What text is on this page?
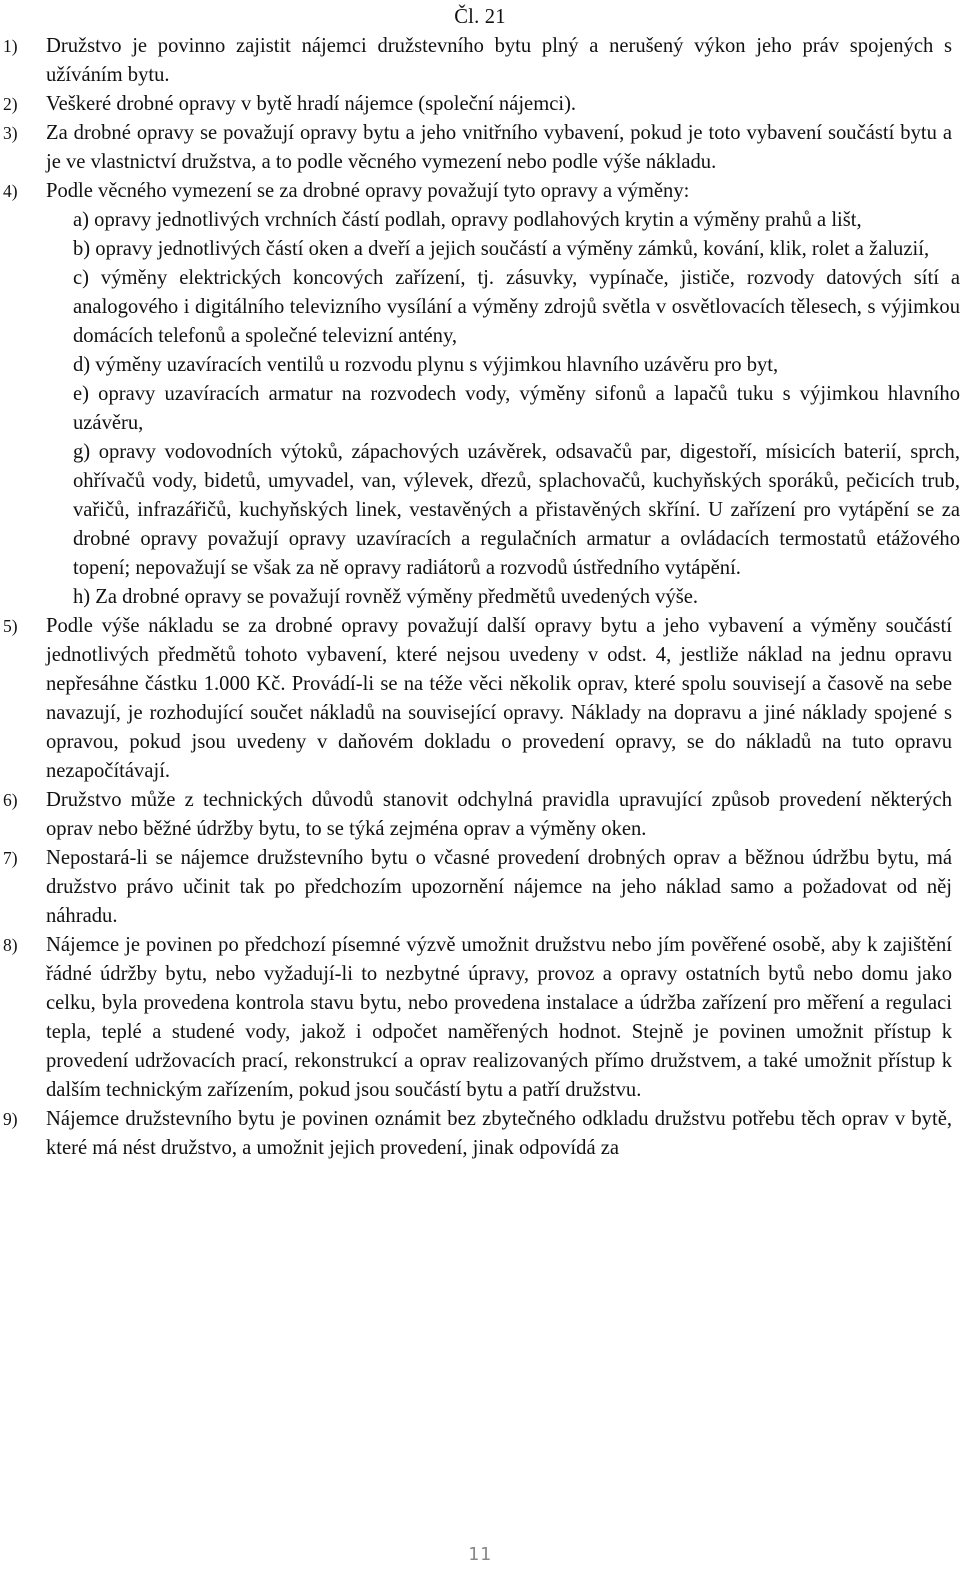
Čl. 21
1) Družstvo je povinno zajistit nájemci družstevního bytu plný a nerušený výkon jeho práv spojených s užíváním bytu.
2) Veškeré drobné opravy v bytě hradí nájemce (společní nájemci).
3) Za drobné opravy se považují opravy bytu a jeho vnitřního vybavení, pokud je toto vybavení součástí bytu a je ve vlastnictví družstva, a to podle věcného vymezení nebo podle výše nákladu.
4) Podle věcného vymezení se za drobné opravy považují tyto opravy a výměny:
a) opravy jednotlivých vrchních částí podlah, opravy podlahových krytin a výměny prahů a lišt,
b) opravy jednotlivých částí oken a dveří a jejich součástí a výměny zámků, kování, klik, rolet a žaluzií,
c) výměny elektrických koncových zařízení, tj. zásuvky, vypínače, jističe, rozvody datových sítí a analogového i digitálního televizního vysílání a výměny zdrojů světla v osvětlovacích tělesech, s výjimkou domácích telefonů a společné televizní antény,
d) výměny uzavíracích ventilů u rozvodu plynu s výjimkou hlavního uzávěru pro byt,
e) opravy uzavíracích armatur na rozvodech vody, výměny sifonů a lapačů tuku s výjimkou hlavního uzávěru,
g) opravy vodovodních výtoků, zápachových uzávěrek, odsavačů par, digestoří, mísicích baterií, sprch, ohřívačů vody, bidetů, umyvadel, van, výlevek, dřezů, splachovačů, kuchyňských sporáků, pečicích trub, vařičů, infrazářičů, kuchyňských linek, vestavěných a přistavěných skříní. U zařízení pro vytápění se za drobné opravy považují opravy uzavíracích a regulačních armatur a ovládacích termostatů etážového topení; nepovažují se však za ně opravy radiátorů a rozvodů ústředního vytápění.
h) Za drobné opravy se považují rovněž výměny předmětů uvedených výše.
5) Podle výše nákladu se za drobné opravy považují další opravy bytu a jeho vybavení a výměny součástí jednotlivých předmětů tohoto vybavení, které nejsou uvedeny v odst. 4, jestliže náklad na jednu opravu nepřesáhne částku 1.000 Kč. Provádí-li se na téže věci několik oprav, které spolu souvisejí a časově na sebe navazují, je rozhodující součet nákladů na související opravy. Náklady na dopravu a jiné náklady spojené s opravou, pokud jsou uvedeny v daňovém dokladu o provedení opravy, se do nákladů na tuto opravu nezapočítávají.
6) Družstvo může z technických důvodů stanovit odchylná pravidla upravující způsob provedení některých oprav nebo běžné údržby bytu, to se týká zejména oprav a výměny oken.
7) Nepostará-li se nájemce družstevního bytu o včasné provedení drobných oprav a běžnou údržbu bytu, má družstvo právo učinit tak po předchozím upozornění nájemce na jeho náklad samo a požadovat od něj náhradu.
8) Nájemce je povinen po předchozí písemné výzvě umožnit družstvu nebo jím pověřené osobě, aby k zajištění řádné údržby bytu, nebo vyžadují-li to nezbytné úpravy, provoz a opravy ostatních bytů nebo domu jako celku, byla provedena kontrola stavu bytu, nebo provedena instalace a údržba zařízení pro měření a regulaci tepla, teplé a studené vody, jakož i odpočet naměřených hodnot. Stejně je povinen umožnit přístup k provedení udržovacích prací, rekonstrukcí a oprav realizovaných přímo družstvem, a také umožnit přístup k dalším technickým zařízením, pokud jsou součástí bytu a patří družstvu.
9) Nájemce družstevního bytu je povinen oznámit bez zbytečného odkladu družstvu potřebu těch oprav v bytě, které má nést družstvo, a umožnit jejich provedení, jinak odpovídá za
11
